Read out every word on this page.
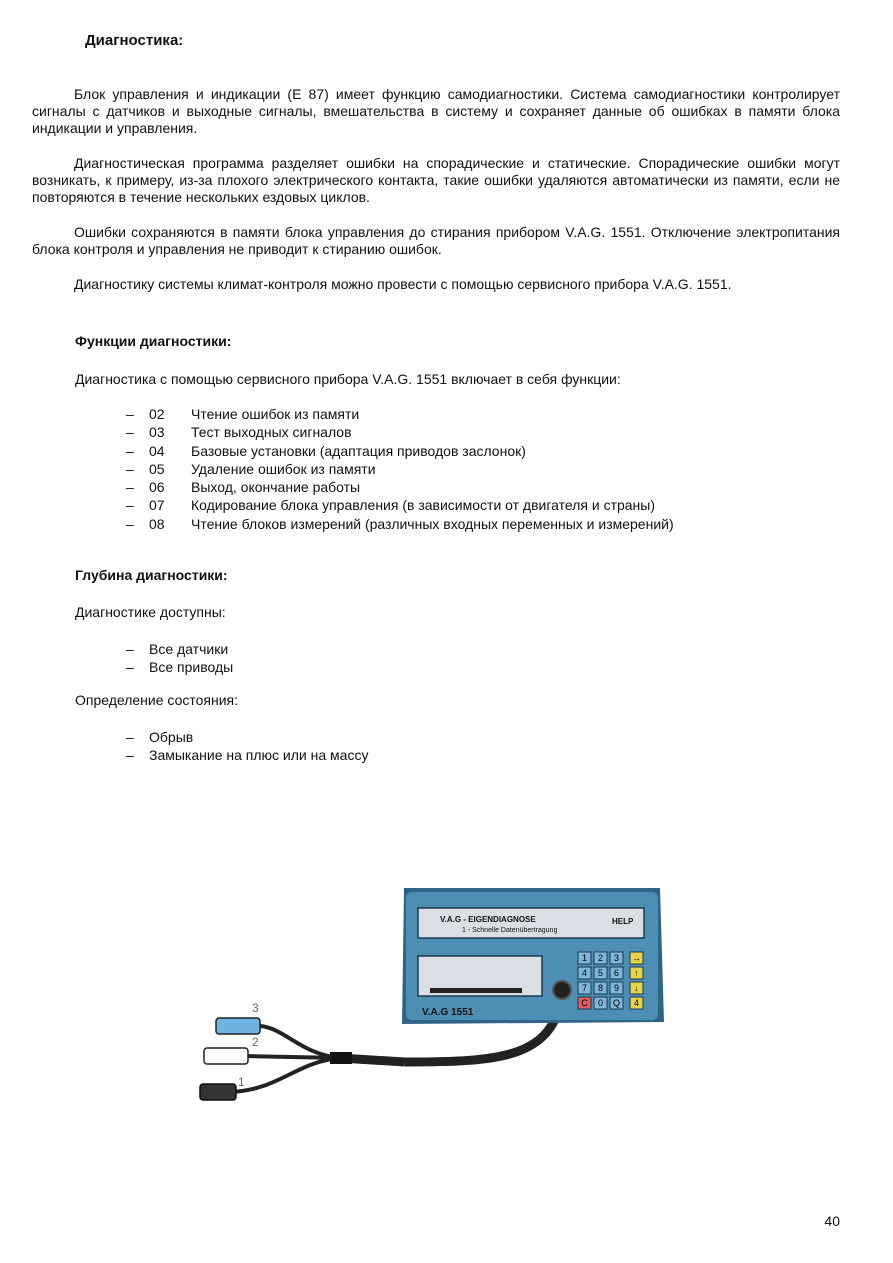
Диагностика:

Блок управления и индикации (E 87) имеет функцию самодиагностики. Система самодиагностики контролирует сигналы с датчиков и выходные сигналы, вмешательства в систему и сохраняет данные об ошибках в памяти блока индикации и управления.

Диагностическая программа разделяет ошибки на спорадические и статические. Спорадические ошибки могут возникать, к примеру, из-за плохого электрического контакта, такие ошибки удаляются автоматически из памяти, если не повторяются в течение нескольких ездовых циклов.

Ошибки сохраняются в памяти блока управления до стирания прибором V.A.G. 1551. Отключение электропитания блока контроля и управления не приводит к стиранию ошибок.

Диагностику системы климат-контроля можно провести с помощью сервисного прибора V.A.G. 1551.

Функции диагностики:
Диагностика с помощью сервисного прибора V.A.G. 1551 включает в себя функции:
–	02	Чтение ошибок из памяти
–	03	Тест выходных сигналов
–	04	Базовые установки (адаптация приводов заслонок)
–	05	Удаление ошибок из памяти
–	06	Выход, окончание работы
–	07	Кодирование блока управления (в зависимости от двигателя и страны)
–	08	Чтение блоков измерений (различных входных переменных и измерений)
Глубина диагностики:
Диагностике доступны:
–	Все датчики
–	Все приводы
Определение состояния:
–	Обрыв
–	Замыкание на плюс или на массу
3
2
1
V.A.G - EIGENDIAGNOSE
1 - Schnelle Datenübertragung
HELP
V.A.G 1551
1 2 3
4 5 6
7 8 9
C 0 Q
→
↑
↓
4
40
